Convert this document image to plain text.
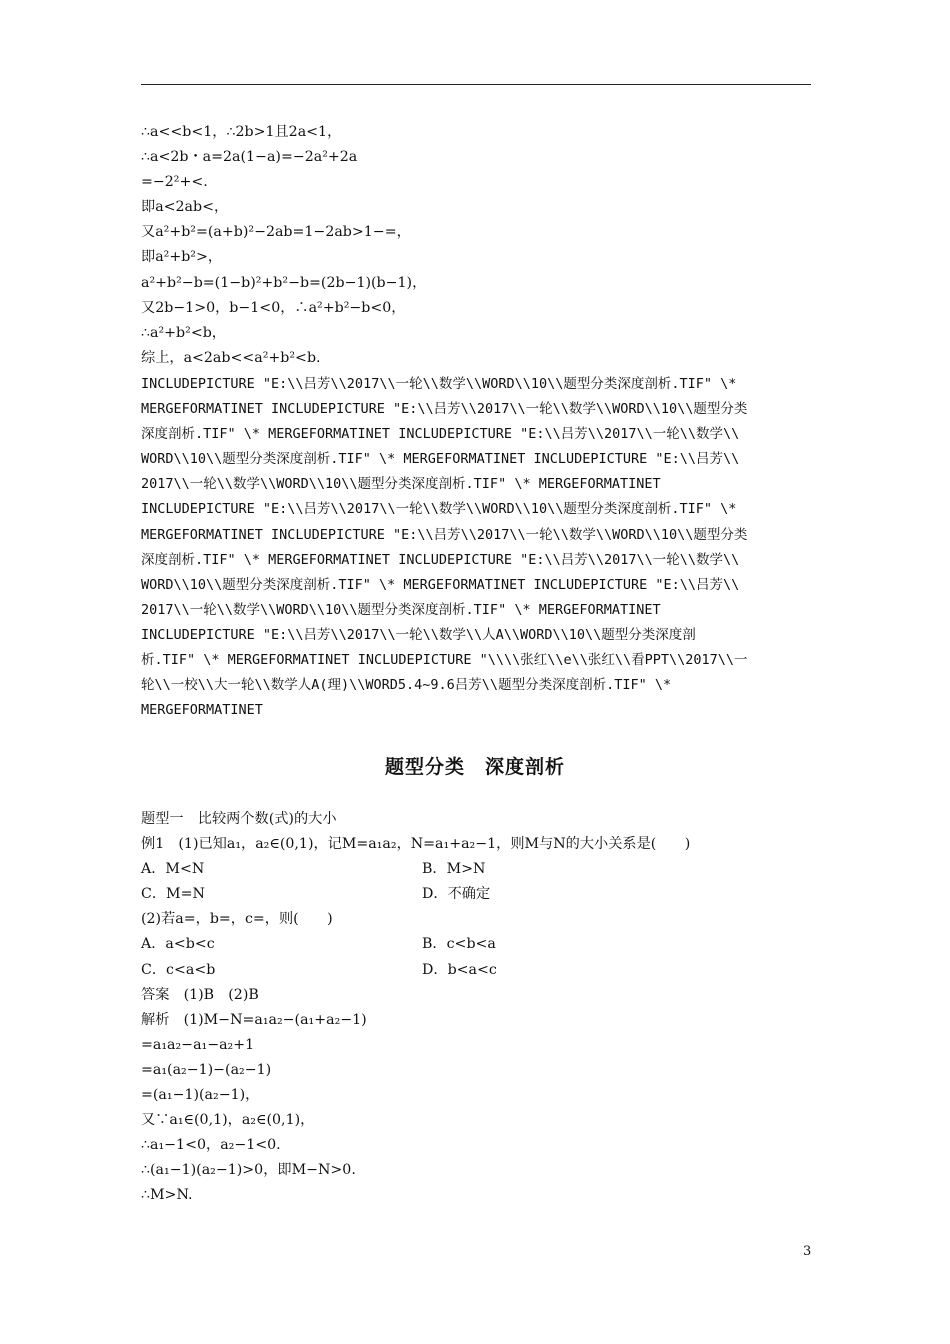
∴a<<b<1，∴2b>1且2a<1，
∴a<2b・a=2a(1−a)=−2a²+2a
=−2²+<.
即a<2ab<，
又a²+b²=(a+b)²−2ab=1−2ab>1−=，
即a²+b²>，
a²+b²−b=(1−b)²+b²−b=(2b−1)(b−1)，
又2b−1>0，b−1<0，∴a²+b²−b<0，
∴a²+b²<b，
综上，a<2ab<<a²+b²<b.
INCLUDEPICTURE "E:\\吕芳\\2017\\一轮\\数学\\WORD\\10\\题型分类深度剖析.TIF" \*
MERGEFORMATINET INCLUDEPICTURE "E:\\吕芳\\2017\\一轮\\数学\\WORD\\10\\题型分类
深度剖析.TIF" \* MERGEFORMATINET INCLUDEPICTURE "E:\\吕芳\\2017\\一轮\\数学\\
WORD\\10\\题型分类深度剖析.TIF" \* MERGEFORMATINET INCLUDEPICTURE "E:\\吕芳\\
2017\\一轮\\数学\\WORD\\10\\题型分类深度剖析.TIF" \* MERGEFORMATINET
INCLUDEPICTURE "E:\\吕芳\\2017\\一轮\\数学\\WORD\\10\\题型分类深度剖析.TIF" \*
MERGEFORMATINET INCLUDEPICTURE "E:\\吕芳\\2017\\一轮\\数学\\WORD\\10\\题型分类
深度剖析.TIF" \* MERGEFORMATINET INCLUDEPICTURE "E:\\吕芳\\2017\\一轮\\数学\\
WORD\\10\\题型分类深度剖析.TIF" \* MERGEFORMATINET INCLUDEPICTURE "E:\\吕芳\\
2017\\一轮\\数学\\WORD\\10\\题型分类深度剖析.TIF" \* MERGEFORMATINET
INCLUDEPICTURE "E:\\吕芳\\2017\\一轮\\数学\\人A\\WORD\\10\\题型分类深度剖
析.TIF" \* MERGEFORMATINET INCLUDEPICTURE "\\\\张红\\e\\张红\\看PPT\\2017\\一
轮\\一校\\大一轮\\数学人A(理)\\WORD5.4~9.6吕芳\\题型分类深度剖析.TIF" \*
MERGEFORMATINET
题型分类　深度剖析
题型一　比较两个数(式)的大小
例1　(1)已知a₁，a₂∈(0,1)，记M=a₁a₂，N=a₁+a₂−1，则M与N的大小关系是(　　)
A．M<N	B．M>N
C．M=N	D．不确定
(2)若a=，b=，c=，则(　　)
A．a<b<c	B．c<b<a
C．c<a<b	D．b<a<c
答案　(1)B　(2)B
解析　(1)M−N=a₁a₂−(a₁+a₂−1)
=a₁a₂−a₁−a₂+1
=a₁(a₂−1)−(a₂−1)
=(a₁−1)(a₂−1)，
又∵a₁∈(0,1)，a₂∈(0,1)，
∴a₁−1<0，a₂−1<0.
∴(a₁−1)(a₂−1)>0，即M−N>0.
∴M>N.
3
